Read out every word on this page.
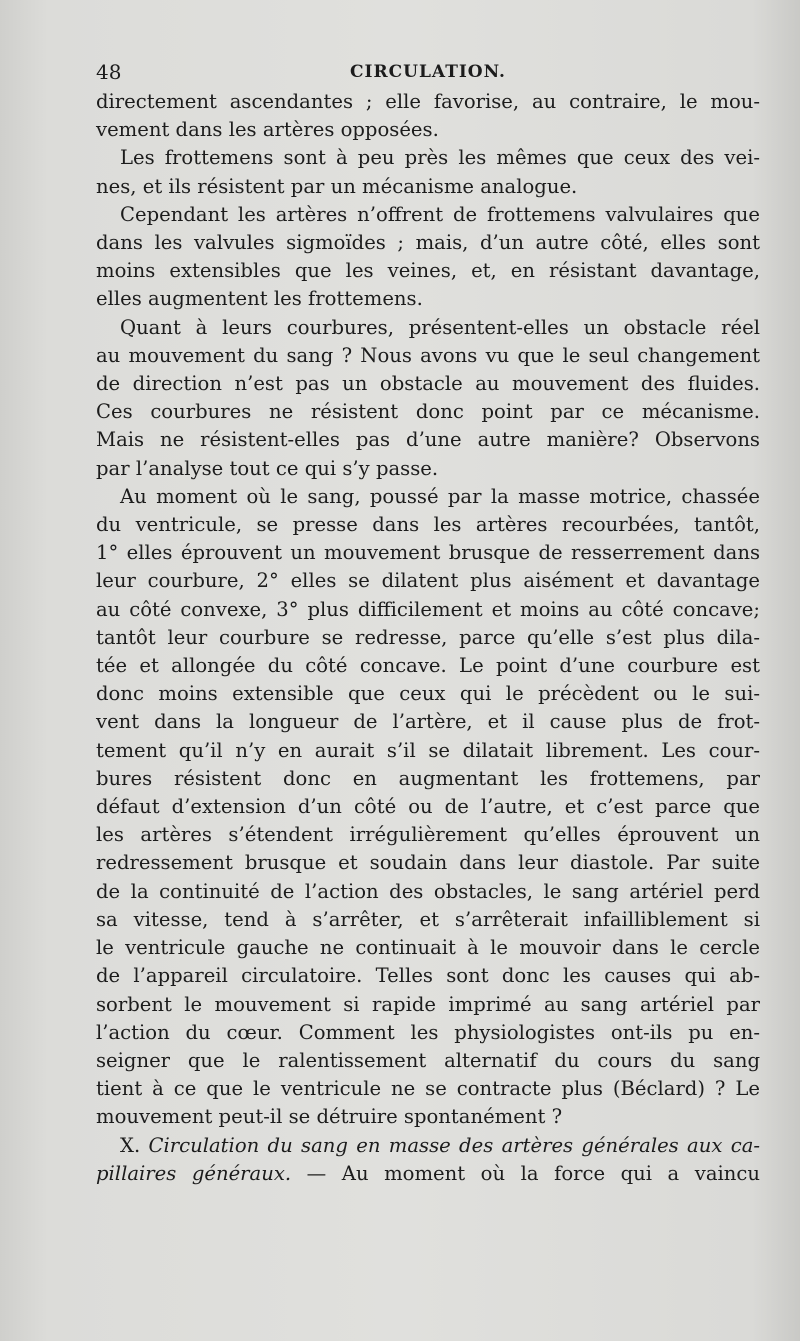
48	CIRCULATION.
directement ascendantes ; elle favorise, au contraire, le mou-
vement dans les artères opposées.
Les frottemens sont à peu près les mêmes que ceux des vei-
nes, et ils résistent par un mécanisme analogue.
Cependant les artères n’offrent de frottemens valvulaires que
dans les valvules sigmoïdes ; mais, d’un autre côté, elles sont
moins extensibles que les veines, et, en résistant davantage,
elles augmentent les frottemens.
Quant à leurs courbures, présentent-elles un obstacle réel
au mouvement du sang ? Nous avons vu que le seul changement
de direction n’est pas un obstacle au mouvement des fluides.
Ces courbures ne résistent donc point par ce mécanisme.
Mais ne résistent-elles pas d’une autre manière? Observons
par l’analyse tout ce qui s’y passe.
Au moment où le sang, poussé par la masse motrice, chassée
du ventricule, se presse dans les artères recourbées, tantôt,
1° elles éprouvent un mouvement brusque de resserrement dans
leur courbure, 2° elles se dilatent plus aisément et davantage
au côté convexe, 3° plus difficilement et moins au côté concave;
tantôt leur courbure se redresse, parce qu’elle s’est plus dila-
tée et allongée du côté concave. Le point d’une courbure est
donc moins extensible que ceux qui le précèdent ou le sui-
vent dans la longueur de l’artère, et il cause plus de frot-
tement qu’il n’y en aurait s’il se dilatait librement. Les cour-
bures résistent donc en augmentant les frottemens, par
défaut d’extension d’un côté ou de l’autre, et c’est parce que
les artères s’étendent irrégulièrement qu’elles éprouvent un
redressement brusque et soudain dans leur diastole. Par suite
de la continuité de l’action des obstacles, le sang artériel perd
sa vitesse, tend à s’arrêter, et s’arrêterait infailliblement si
le ventricule gauche ne continuait à le mouvoir dans le cercle
de l’appareil circulatoire. Telles sont donc les causes qui ab-
sorbent le mouvement si rapide imprimé au sang artériel par
l’action du cœur. Comment les physiologistes ont-ils pu en-
seigner que le ralentissement alternatif du cours du sang
tient à ce que le ventricule ne se contracte plus (Béclard) ? Le
mouvement peut-il se détruire spontanément ?
X. Circulation du sang en masse des artères générales aux ca-
pillaires généraux. — Au moment où la force qui a vaincu
